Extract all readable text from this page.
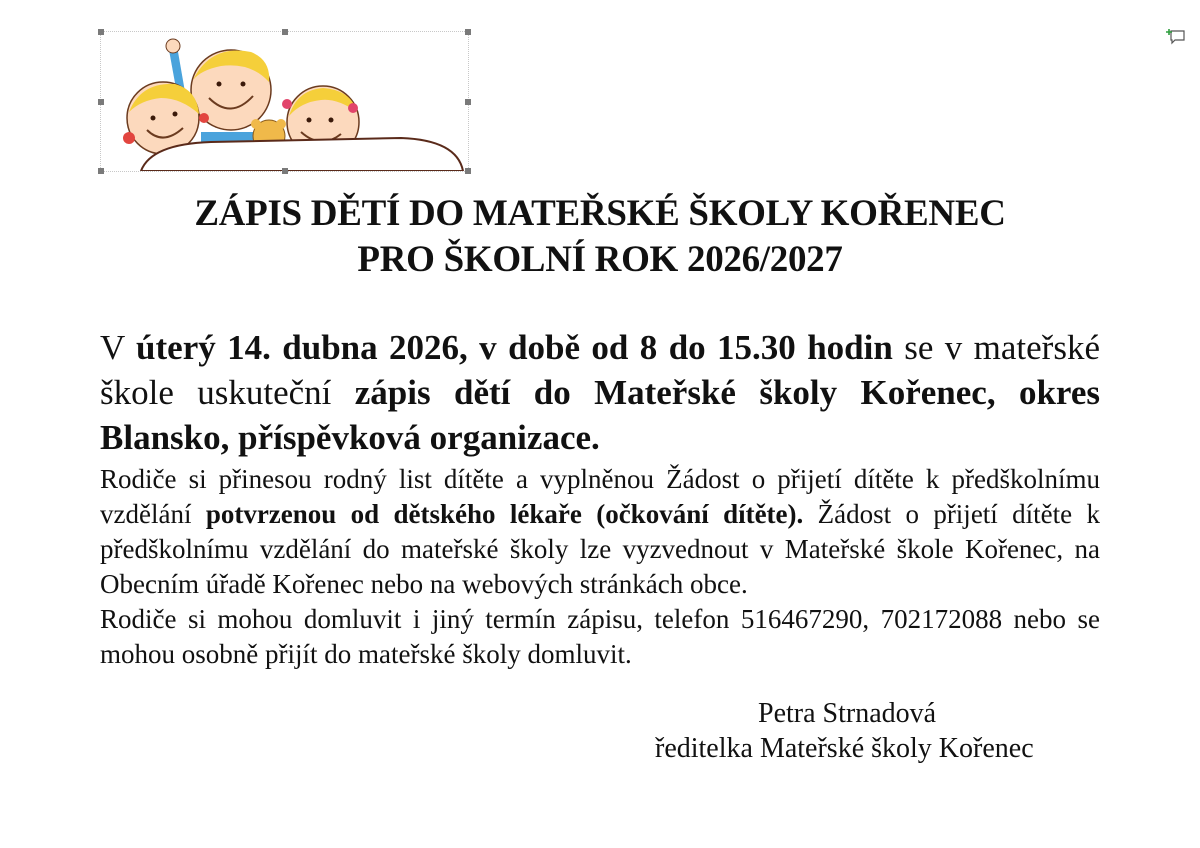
ZÁPIS DĚTÍ DO MATEŘSKÉ ŠKOLY KOŘENEC
PRO ŠKOLNÍ ROK 2026/2027
V úterý 14. dubna 2026, v době od 8 do 15.30 hodin se v mateřské škole uskuteční zápis dětí do Mateřské školy Kořenec, okres Blansko, příspěvková organizace.
Rodiče si přinesou rodný list dítěte a vyplněnou Žádost o přijetí dítěte k předškolnímu vzdělání potvrzenou od dětského lékaře (očkování dítěte). Žádost o přijetí dítěte k předškolnímu vzdělání do mateřské školy lze vyzvednout v Mateřské škole Kořenec, na Obecním úřadě Kořenec nebo na webových stránkách obce.
Rodiče si mohou domluvit i jiný termín zápisu, telefon 516467290, 702172088 nebo se mohou osobně přijít do mateřské školy domluvit.
Petra Strnadová
ředitelka Mateřské školy Kořenec
